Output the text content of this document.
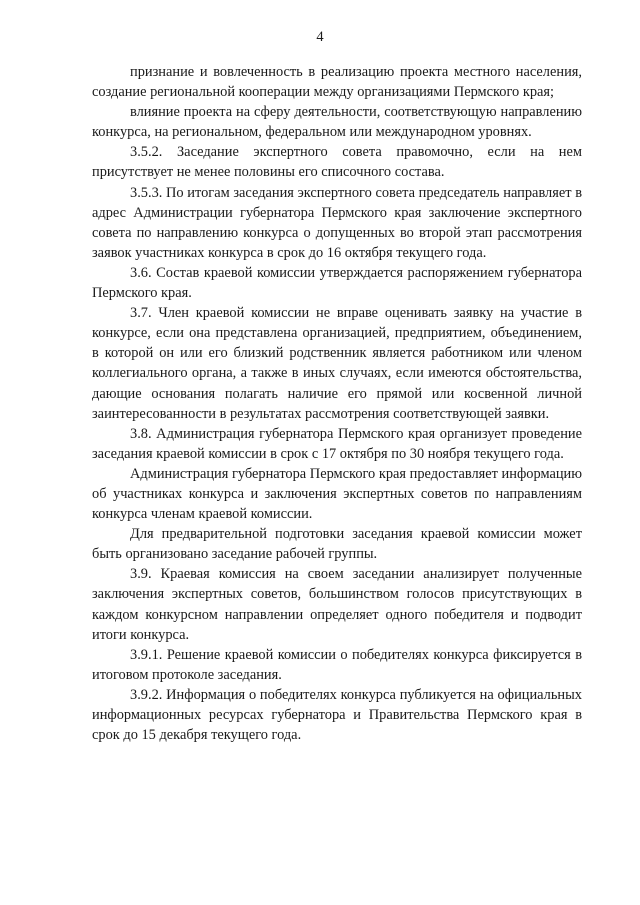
4

признание и вовлеченность в реализацию проекта местного населения, создание региональной кооперации между организациями Пермского края;

влияние проекта на сферу деятельности, соответствующую направлению конкурса, на региональном, федеральном или международном уровнях.

3.5.2. Заседание экспертного совета правомочно, если на нем присутствует не менее половины его списочного состава.

3.5.3. По итогам заседания экспертного совета председатель направляет в адрес Администрации губернатора Пермского края заключение экспертного совета по направлению конкурса о допущенных во второй этап рассмотрения заявок участниках конкурса в срок до 16 октября текущего года.

3.6. Состав краевой комиссии утверждается распоряжением губернатора Пермского края.

3.7. Член краевой комиссии не вправе оценивать заявку на участие в конкурсе, если она представлена организацией, предприятием, объединением, в которой он или его близкий родственник является работником или членом коллегиального органа, а также в иных случаях, если имеются обстоятельства, дающие основания полагать наличие его прямой или косвенной личной заинтересованности в результатах рассмотрения соответствующей заявки.

3.8. Администрация губернатора Пермского края организует проведение заседания краевой комиссии в срок с 17 октября по 30 ноября текущего года.

Администрация губернатора Пермского края предоставляет информацию об участниках конкурса и заключения экспертных советов по направлениям конкурса членам краевой комиссии.

Для предварительной подготовки заседания краевой комиссии может быть организовано заседание рабочей группы.

3.9. Краевая комиссия на своем заседании анализирует полученные заключения экспертных советов, большинством голосов присутствующих в каждом конкурсном направлении определяет одного победителя и подводит итоги конкурса.

3.9.1. Решение краевой комиссии о победителях конкурса фиксируется в итоговом протоколе заседания.

3.9.2. Информация о победителях конкурса публикуется на официальных информационных ресурсах губернатора и Правительства Пермского края в срок до 15 декабря текущего года.
